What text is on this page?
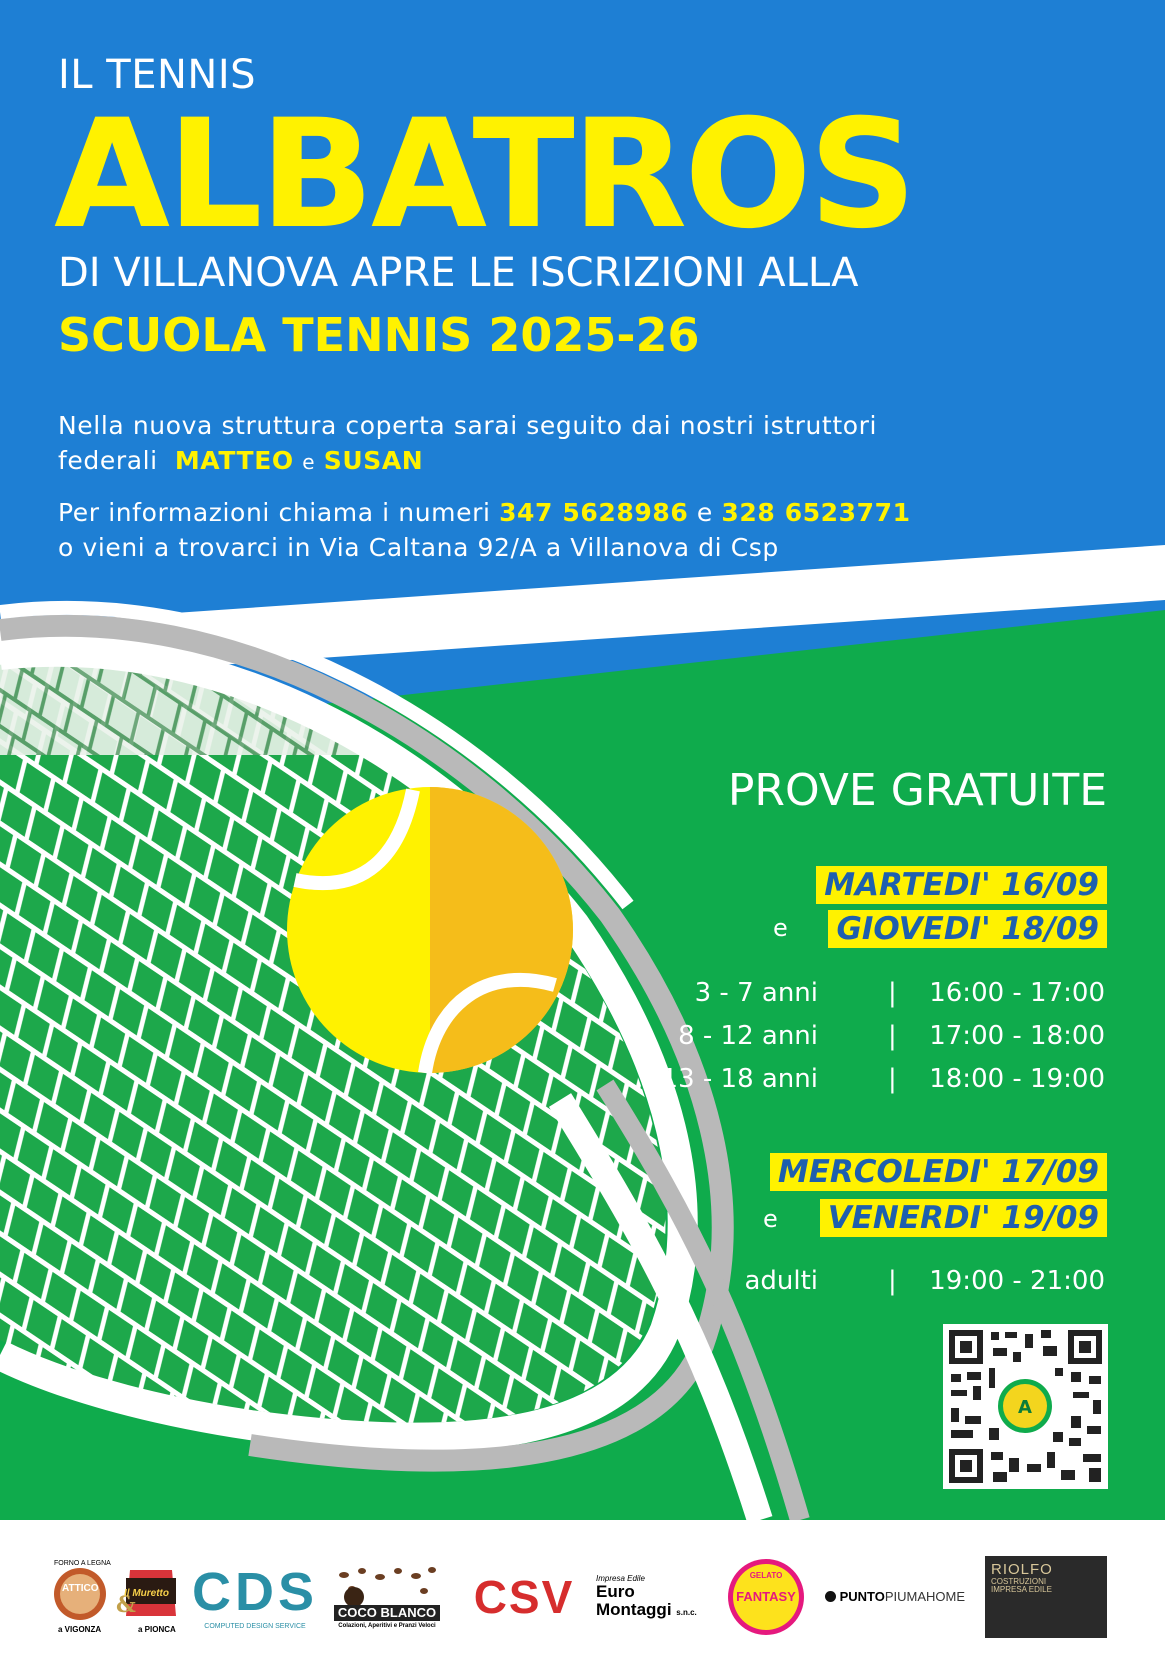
IL TENNIS
ALBATROS
DI VILLANOVA APRE LE ISCRIZIONI ALLA
SCUOLA TENNIS 2025-26
Nella nuova struttura coperta sarai seguito dai nostri istruttori
federali MATTEO e SUSAN
Per informazioni chiama i numeri 347 5628986 e 328 6523771
o vieni a trovarci in Via Caltana 92/A a Villanova di Csp
PROVE GRATUITE
MARTEDI' 16/09
e GIOVEDI' 18/09
3 - 7 anni	| 16:00 - 17:00
8 - 12 anni	| 17:00 - 18:00
13 - 18 anni	| 18:00 - 19:00
MERCOLEDI' 17/09
e VENERDI' 19/09
adulti	| 19:00 - 21:00
A
&
FORNO A LEGNA
ATTICO	Il Muretto
a VIGONZA	a PIONCA
CDS
COMPUTED DESIGN SERVICE
COCO BLANCO
Colazioni, Aperitivi e Pranzi Veloci
CSV	Impresa Edile
Euro
Montaggi s.n.c.
GELATO
FANTASY	PUNTOPIUMAHOME
RIOLFO
COSTRUZIONI
IMPRESA EDILE
